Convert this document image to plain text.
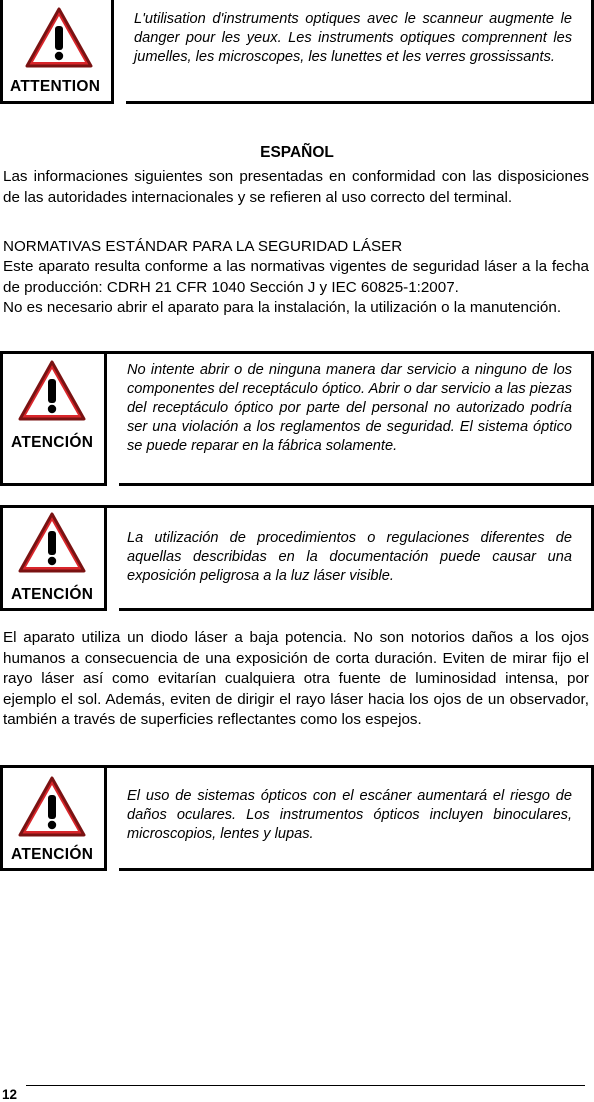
ATTENTION

L'utilisation d'instruments optiques avec le scanneur augmente le danger pour les yeux. Les instruments optiques comprennent les jumelles, les microscopes, les lunettes et les verres grossissants.

ESPAÑOL

Las informaciones siguientes son presentadas en conformidad con las disposiciones de las autoridades internacionales y se refieren al uso correcto del terminal.

NORMATIVAS ESTÁNDAR PARA LA SEGURIDAD LÁSER

Este aparato resulta conforme a las normativas vigentes de seguridad láser a la fecha de producción: CDRH 21 CFR 1040 Sección J y IEC 60825-1:2007.

No es necesario abrir el aparato para la instalación, la utilización o la manutención.

ATENCIÓN

No intente abrir o de ninguna manera dar servicio a ninguno de los componentes del receptáculo óptico. Abrir o dar servicio a las piezas del receptáculo óptico por parte del personal no autorizado podría ser una violación a los reglamentos de seguridad. El sistema óptico se puede reparar en la fábrica solamente.

ATENCIÓN

La utilización de procedimientos o regulaciones diferentes de aquellas describidas en la documentación puede causar una exposición peligrosa a la luz láser visible.

El aparato utiliza un diodo láser a baja potencia. No son notorios daños a los ojos humanos a consecuencia de una exposición de corta duración. Eviten de mirar fijo el rayo láser así como evitarían cualquiera otra fuente de luminosidad intensa, por ejemplo el sol. Además, eviten de dirigir el rayo láser hacia los ojos de un observador, también a través de superficies reflectantes como los espejos.

ATENCIÓN

El uso de sistemas ópticos con el escáner aumentará el riesgo de daños oculares. Los instrumentos ópticos incluyen binoculares, microscopios, lentes y lupas.

12
